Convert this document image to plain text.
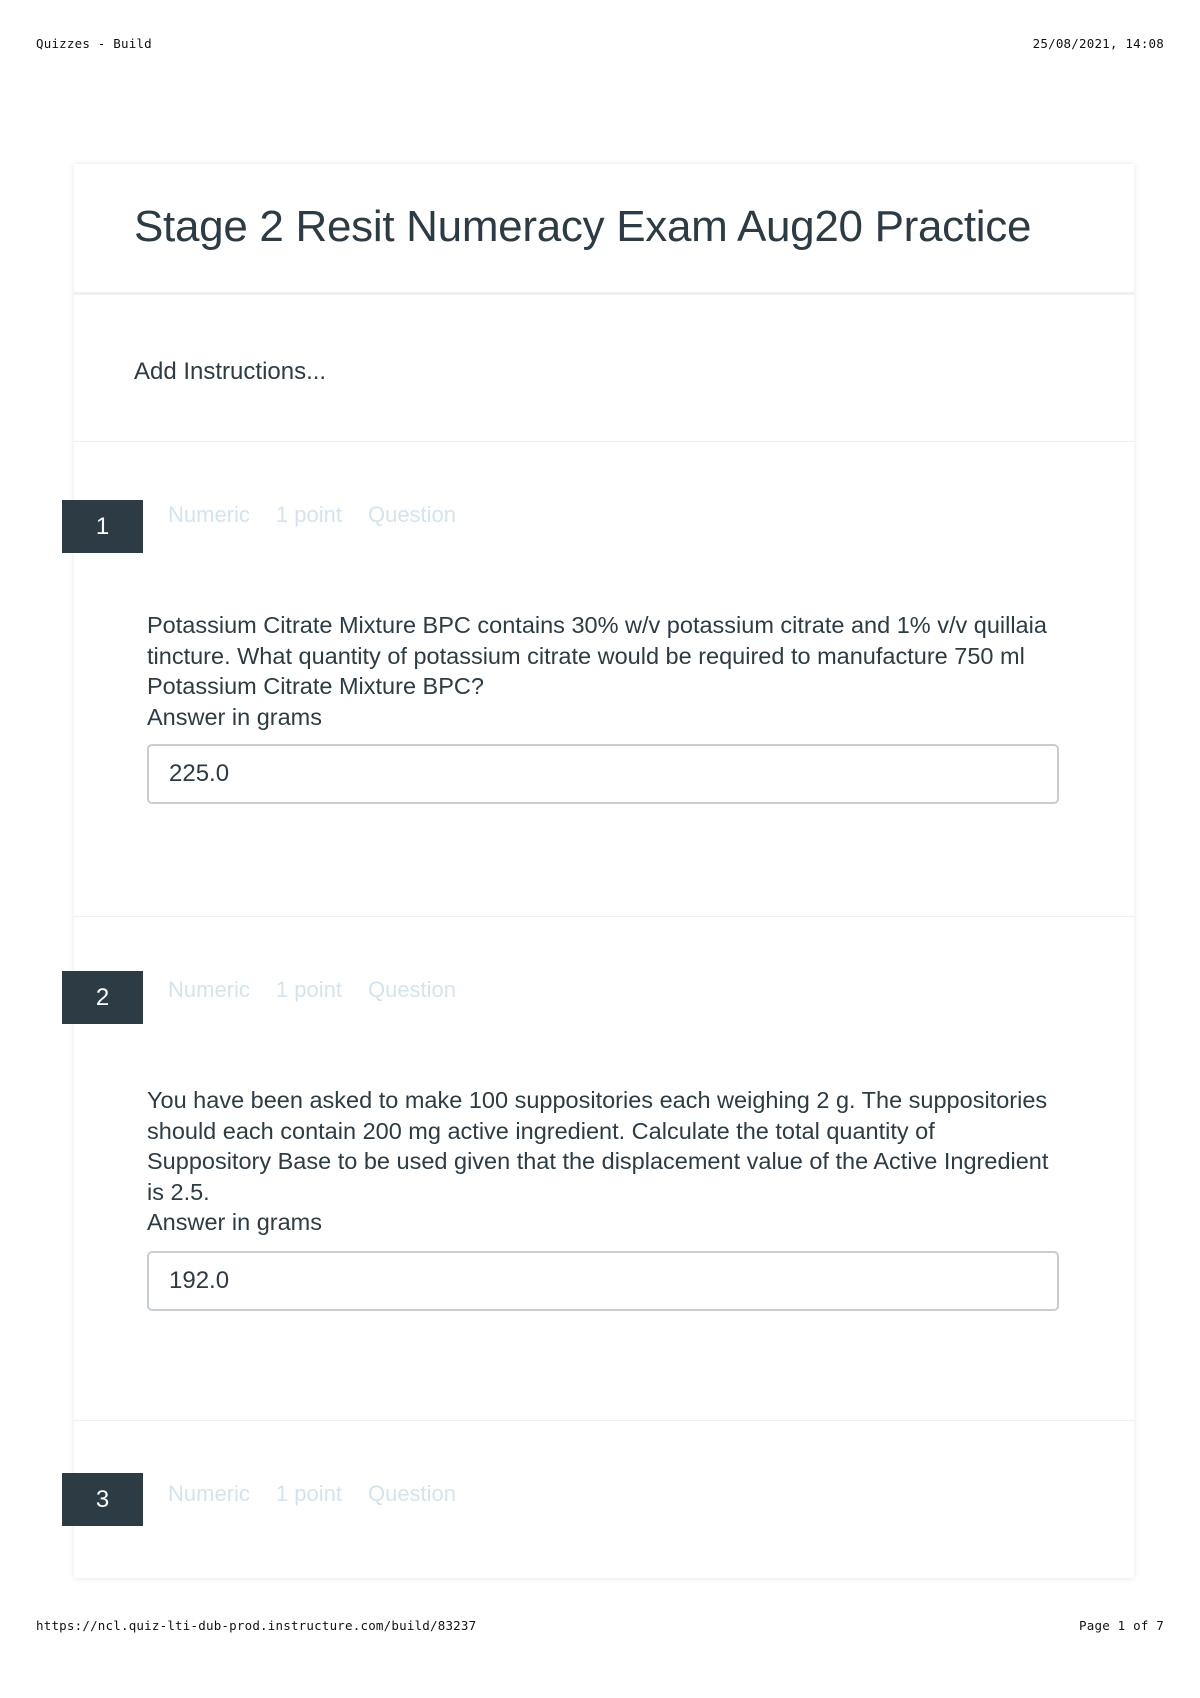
Quizzes - Build	25/08/2021, 14:08
Stage 2 Resit Numeracy Exam Aug20 Practice
Add Instructions...
Numeric 1 point Question

Potassium Citrate Mixture BPC contains 30% w/v potassium citrate and 1% v/v quillaia tincture. What quantity of potassium citrate would be required to manufacture 750 ml Potassium Citrate Mixture BPC?
Answer in grams

225.0
Numeric 1 point Question

You have been asked to make 100 suppositories each weighing 2 g. The suppositories should each contain 200 mg active ingredient. Calculate the total quantity of Suppository Base to be used given that the displacement value of the Active Ingredient is 2.5.
Answer in grams

192.0
Numeric 1 point Question
1
2
3
https://ncl.quiz-lti-dub-prod.instructure.com/build/83237	Page 1 of 7
